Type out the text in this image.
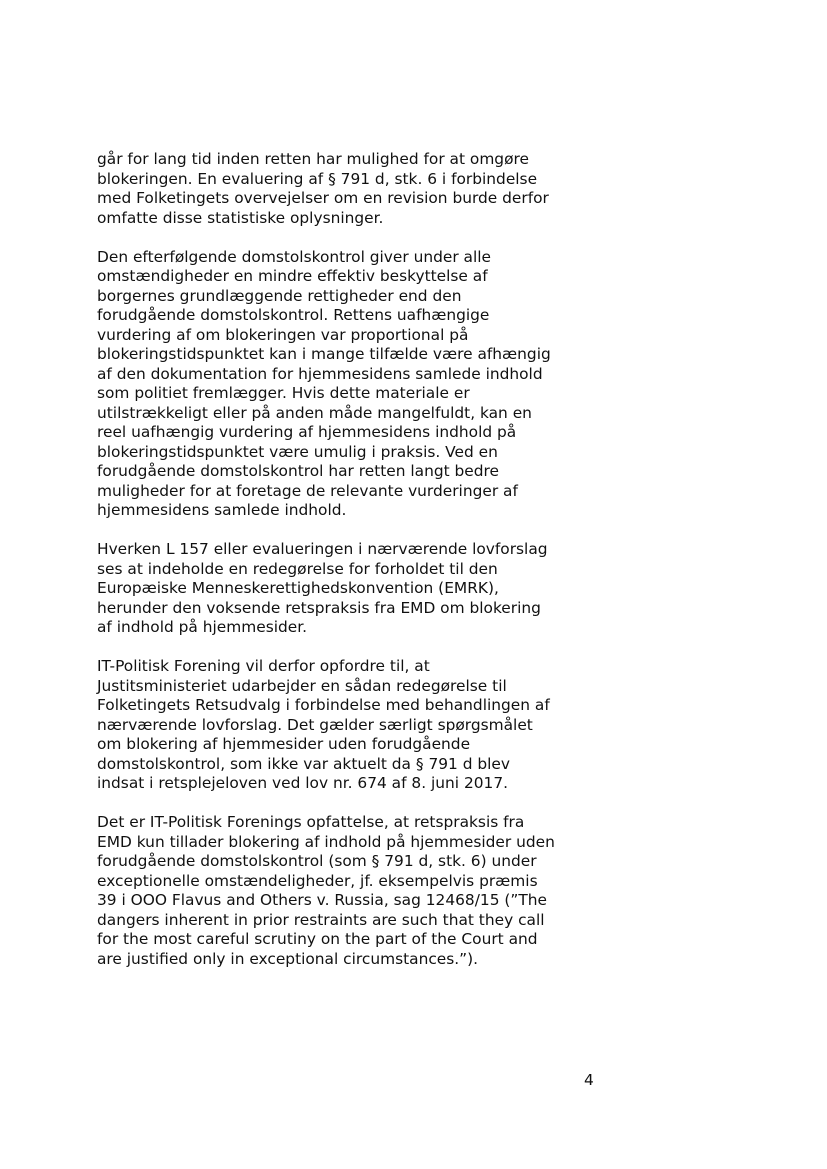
går for lang tid inden retten har mulighed for at omgøre
blokeringen. En evaluering af § 791 d, stk. 6 i forbindelse
med Folketingets overvejelser om en revision burde derfor
omfatte disse statistiske oplysninger.

Den efterfølgende domstolskontrol giver under alle
omstændigheder en mindre effektiv beskyttelse af
borgernes grundlæggende rettigheder end den
forudgående domstolskontrol. Rettens uafhængige
vurdering af om blokeringen var proportional på
blokeringstidspunktet kan i mange tilfælde være afhængig
af den dokumentation for hjemmesidens samlede indhold
som politiet fremlægger. Hvis dette materiale er
utilstrækkeligt eller på anden måde mangelfuldt, kan en
reel uafhængig vurdering af hjemmesidens indhold på
blokeringstidspunktet være umulig i praksis. Ved en
forudgående domstolskontrol har retten langt bedre
muligheder for at foretage de relevante vurderinger af
hjemmesidens samlede indhold.

Hverken L 157 eller evalueringen i nærværende lovforslag
ses at indeholde en redegørelse for forholdet til den
Europæiske Menneskerettighedskonvention (EMRK),
herunder den voksende retspraksis fra EMD om blokering
af indhold på hjemmesider.

IT-Politisk Forening vil derfor opfordre til, at
Justitsministeriet udarbejder en sådan redegørelse til
Folketingets Retsudvalg i forbindelse med behandlingen af
nærværende lovforslag. Det gælder særligt spørgsmålet
om blokering af hjemmesider uden forudgående
domstolskontrol, som ikke var aktuelt da § 791 d blev
indsat i retsplejeloven ved lov nr. 674 af 8. juni 2017.

Det er IT-Politisk Forenings opfattelse, at retspraksis fra
EMD kun tillader blokering af indhold på hjemmesider uden
forudgående domstolskontrol (som § 791 d, stk. 6) under
exceptionelle omstændeligheder, jf. eksempelvis præmis
39 i OOO Flavus and Others v. Russia, sag 12468/15 (”The
dangers inherent in prior restraints are such that they call
for the most careful scrutiny on the part of the Court and
are justified only in exceptional circumstances.”).

4
